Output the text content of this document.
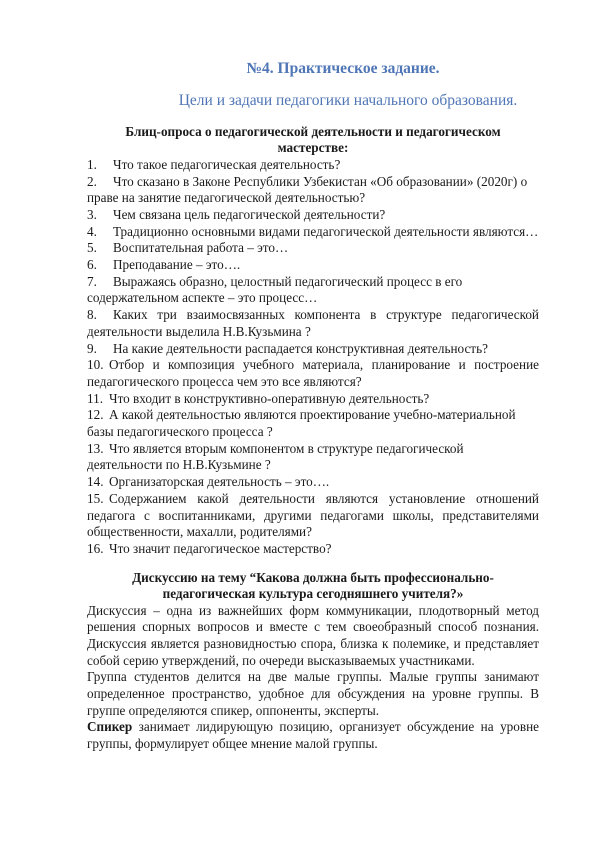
№4. Практическое задание.
Цели и задачи педагогики начального образования.
Блиц-опроса о педагогической деятельности и педагогическом мастерстве:
1. Что такое педагогическая деятельность?
2. Что сказано в Законе Республики Узбекистан «Об образовании» (2020г) о праве на занятие педагогической деятельностью?
3. Чем связана цель педагогической деятельности?
4. Традиционно основными видами педагогической деятельности являются…
5. Воспитательная работа – это…
6. Преподавание – это….
7. Выражаясь образно, целостный педагогический процесс в его содержательном аспекте – это процесс…
8. Каких три взаимосвязанных компонента в структуре педагогической деятельности выделила Н.В.Кузьмина ?
9. На какие деятельности распадается конструктивная деятельность?
10. Отбор и композиция учебного материала, планирование и построение педагогического процесса чем это все являются?
11. Что входит в конструктивно-оперативную деятельность?
12. А какой деятельностью являются проектирование учебно-материальной базы педагогического процесса ?
13. Что является вторым компонентом в структуре педагогической деятельности по Н.В.Кузьмине ?
14. Организаторская деятельность – это….
15. Содержанием какой деятельности являются установление отношений педагога с воспитанниками, другими педагогами школы, представителями общественности, махалли, родителями?
16. Что значит педагогическое мастерство?
Дискуссию на тему “Какова должна быть профессионально-педагогическая культура сегодняшнего учителя?»

Дискуссия – одна из важнейших форм коммуникации, плодотворный метод решения спорных вопросов и вместе с тем своеобразный способ познания. Дискуссия является разновидностью спора, близка к полемике, и представляет собой серию утверждений, по очереди высказываемых участниками.

Группа студентов делится на две малые группы. Малые группы занимают определенное пространство, удобное для обсуждения на уровне группы. В группе определяются спикер, оппоненты, эксперты.

Спикер занимает лидирующую позицию, организует обсуждение на уровне группы, формулирует общее мнение малой группы.
